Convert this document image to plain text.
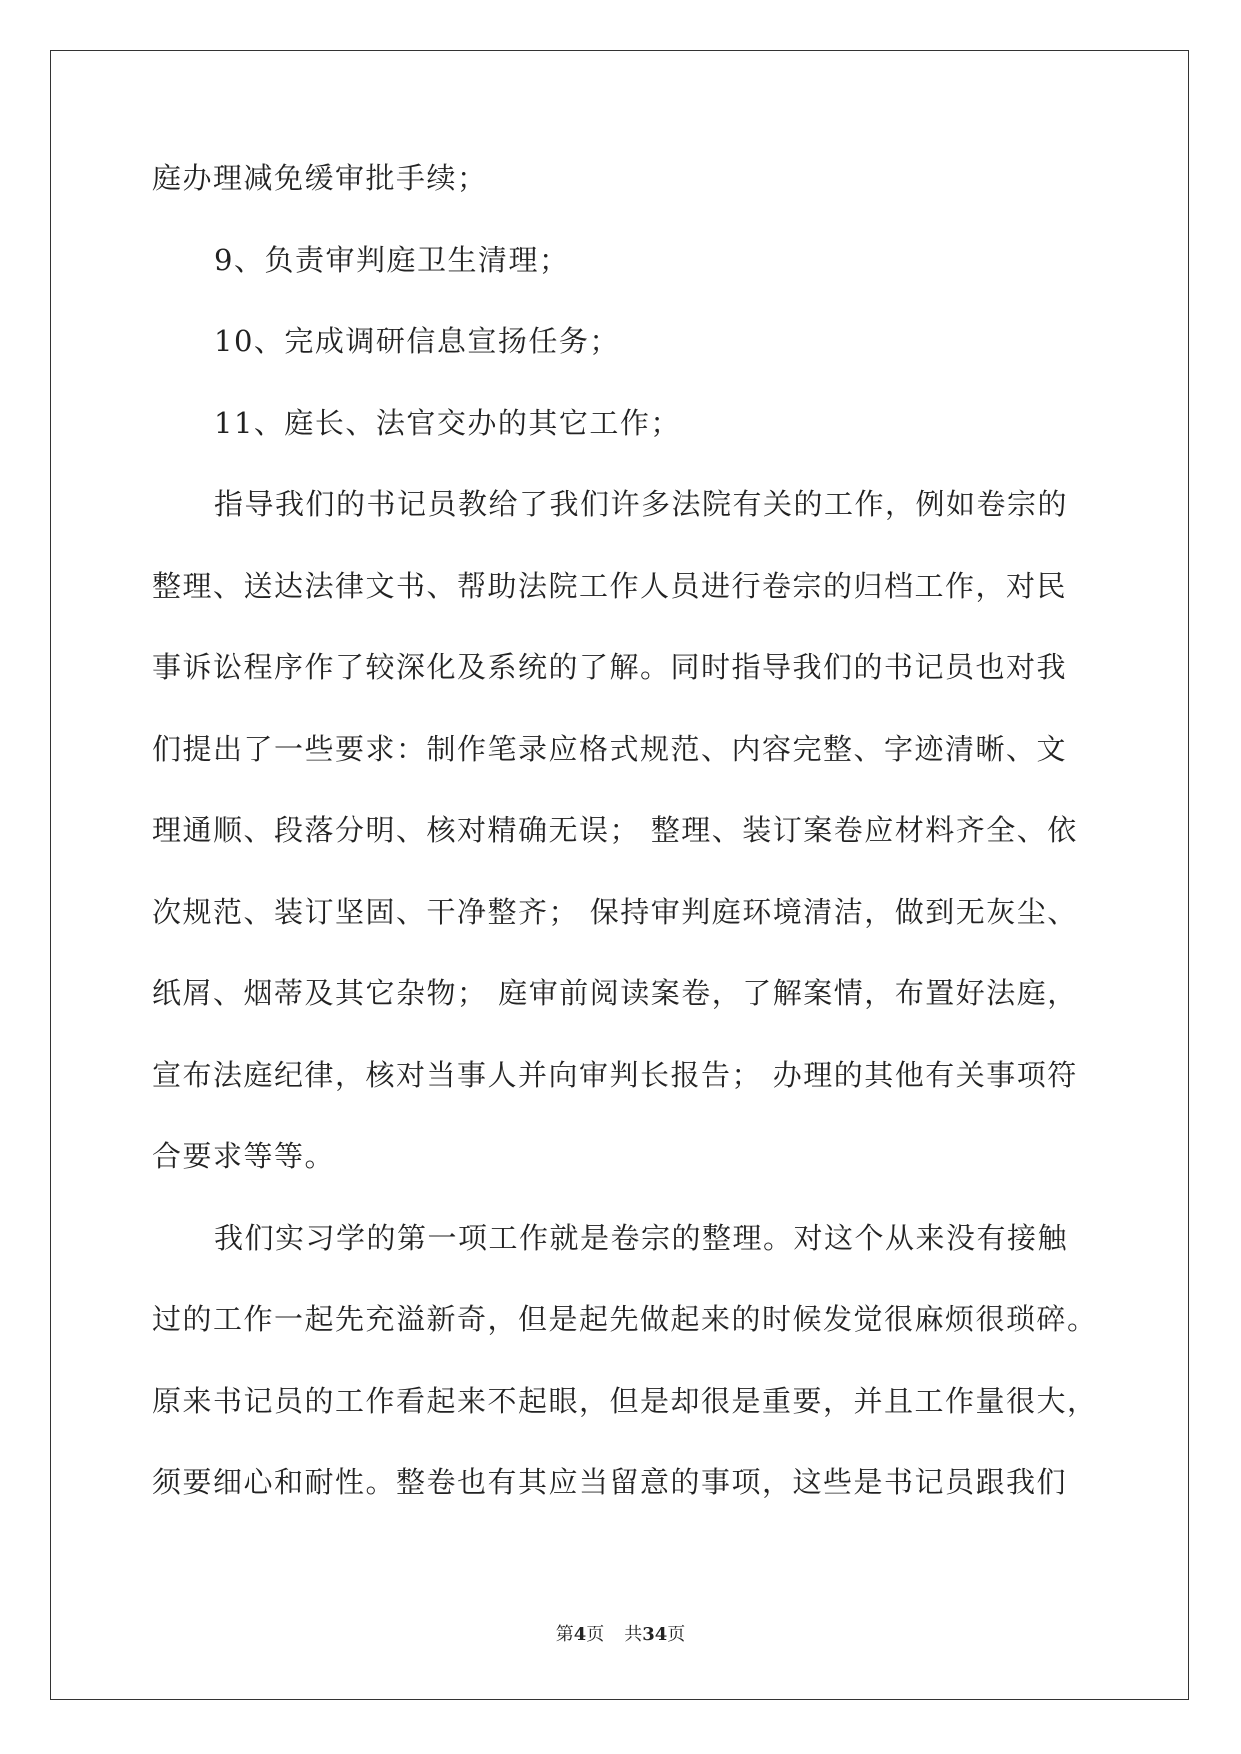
庭办理减免缓审批手续；
9、负责审判庭卫生清理；
10、完成调研信息宣扬任务；
11、庭长、法官交办的其它工作；
指导我们的书记员教给了我们许多法院有关的工作，例如卷宗的
整理、送达法律文书、帮助法院工作人员进行卷宗的归档工作，对民
事诉讼程序作了较深化及系统的了解。同时指导我们的书记员也对我
们提出了一些要求：制作笔录应格式规范、内容完整、字迹清晰、文
理通顺、段落分明、核对精确无误； 整理、装订案卷应材料齐全、依
次规范、装订坚固、干净整齐； 保持审判庭环境清洁，做到无灰尘、
纸屑、烟蒂及其它杂物； 庭审前阅读案卷，了解案情，布置好法庭，
宣布法庭纪律，核对当事人并向审判长报告； 办理的其他有关事项符
合要求等等。
我们实习学的第一项工作就是卷宗的整理。对这个从来没有接触
过的工作一起先充溢新奇，但是起先做起来的时候发觉很麻烦很琐碎。
原来书记员的工作看起来不起眼，但是却很是重要，并且工作量很大，
须要细心和耐性。整卷也有其应当留意的事项，这些是书记员跟我们
第4页 共34页
